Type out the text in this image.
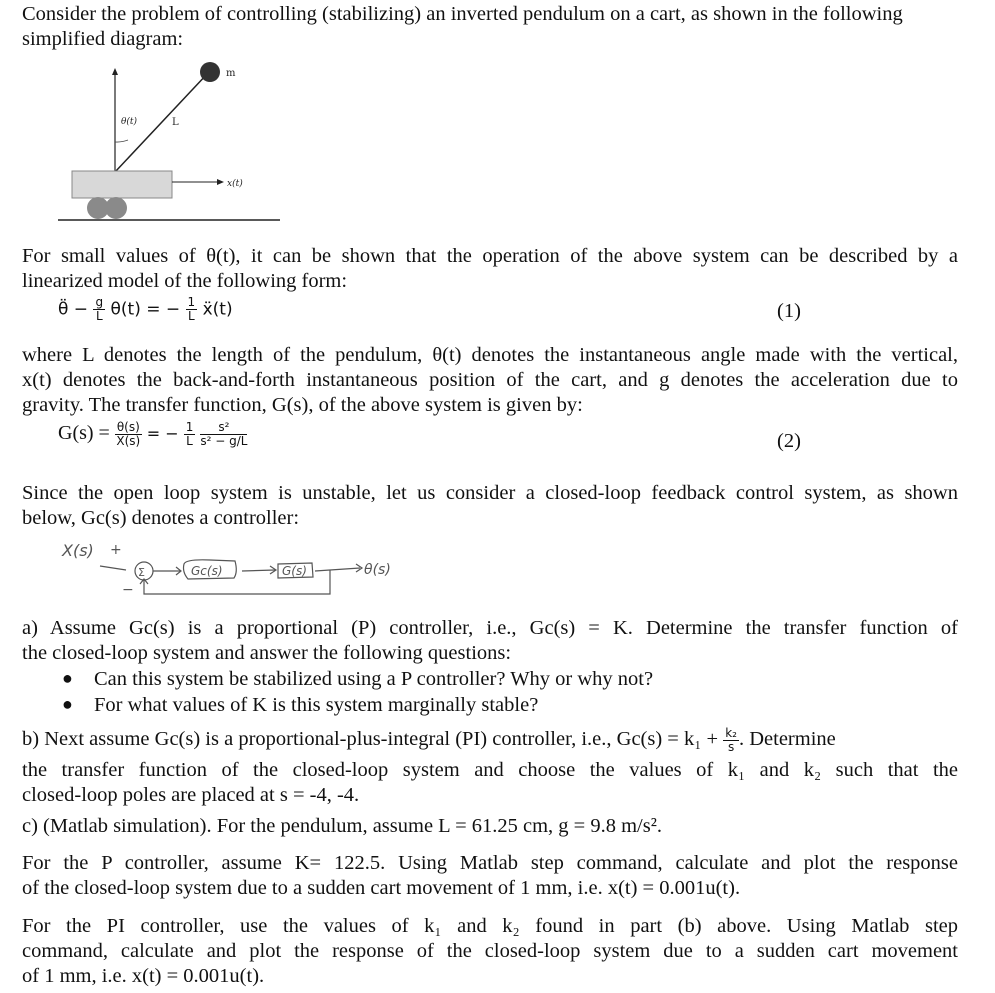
Consider the problem of controlling (stabilizing) an inverted pendulum on a cart, as shown in the following
simplified diagram:
m
θ(t)	L
x(t)
For small values of θ(t), it can be shown that the operation of the above system can be described by a
linearized model of the following form:
θ̈ − $\frac{g}{L} \theta(t)$ = − $\frac{1}{L}$ ẍ(t)	(1)
where L denotes the length of the pendulum, θ(t) denotes the instantaneous angle made with the vertical,
x(t) denotes the back-and-forth instantaneous position of the cart, and g denotes the acceleration due to
gravity. The transfer function, G(s), of the above system is given by:
$G(s) = \frac{\theta(s)}{X(s)}$ = − $\frac{1}{L}$
$\frac{\text{s²}}{\text{s² − g/L}}$	(2)
Since the open loop system is unstable, let us consider a closed-loop feedback control system, as shown
below, Gc(s) denotes a controller:
X(s) +
−
Σ	Gc(s)	G(s)	θ(s)
a) Assume Gc(s) is a proportional (P) controller, i.e., Gc(s) = K. Determine the transfer function of
the closed-loop system and answer the following questions:
● Can this system be stabilized using a P controller? Why or why not?
● For what values of K is this system marginally stable?
b) Next assume Gc(s) is a proportional-plus-integral (PI) controller, i.e., $Gc(s) = k_1 + \frac{\text{k₂}}{s}$ . Determine
the transfer function of the closed-loop system and choose the values of k₁ and k₂ such that the
closed-loop poles are placed at s = -4, -4.
c) (Matlab simulation). For the pendulum, assume L = 61.25 cm, g = 9.8 m/s².
For the P controller, assume K= 122.5. Using Matlab step command, calculate and plot the response
of the closed-loop system due to a sudden cart movement of 1 mm, i.e. x(t) = 0.001u(t).
For the PI controller, use the values of k₁ and k₂ found in part (b) above. Using Matlab step
command, calculate and plot the response of the closed-loop system due to a sudden cart movement
of 1 mm, i.e. x(t) = 0.001u(t).
